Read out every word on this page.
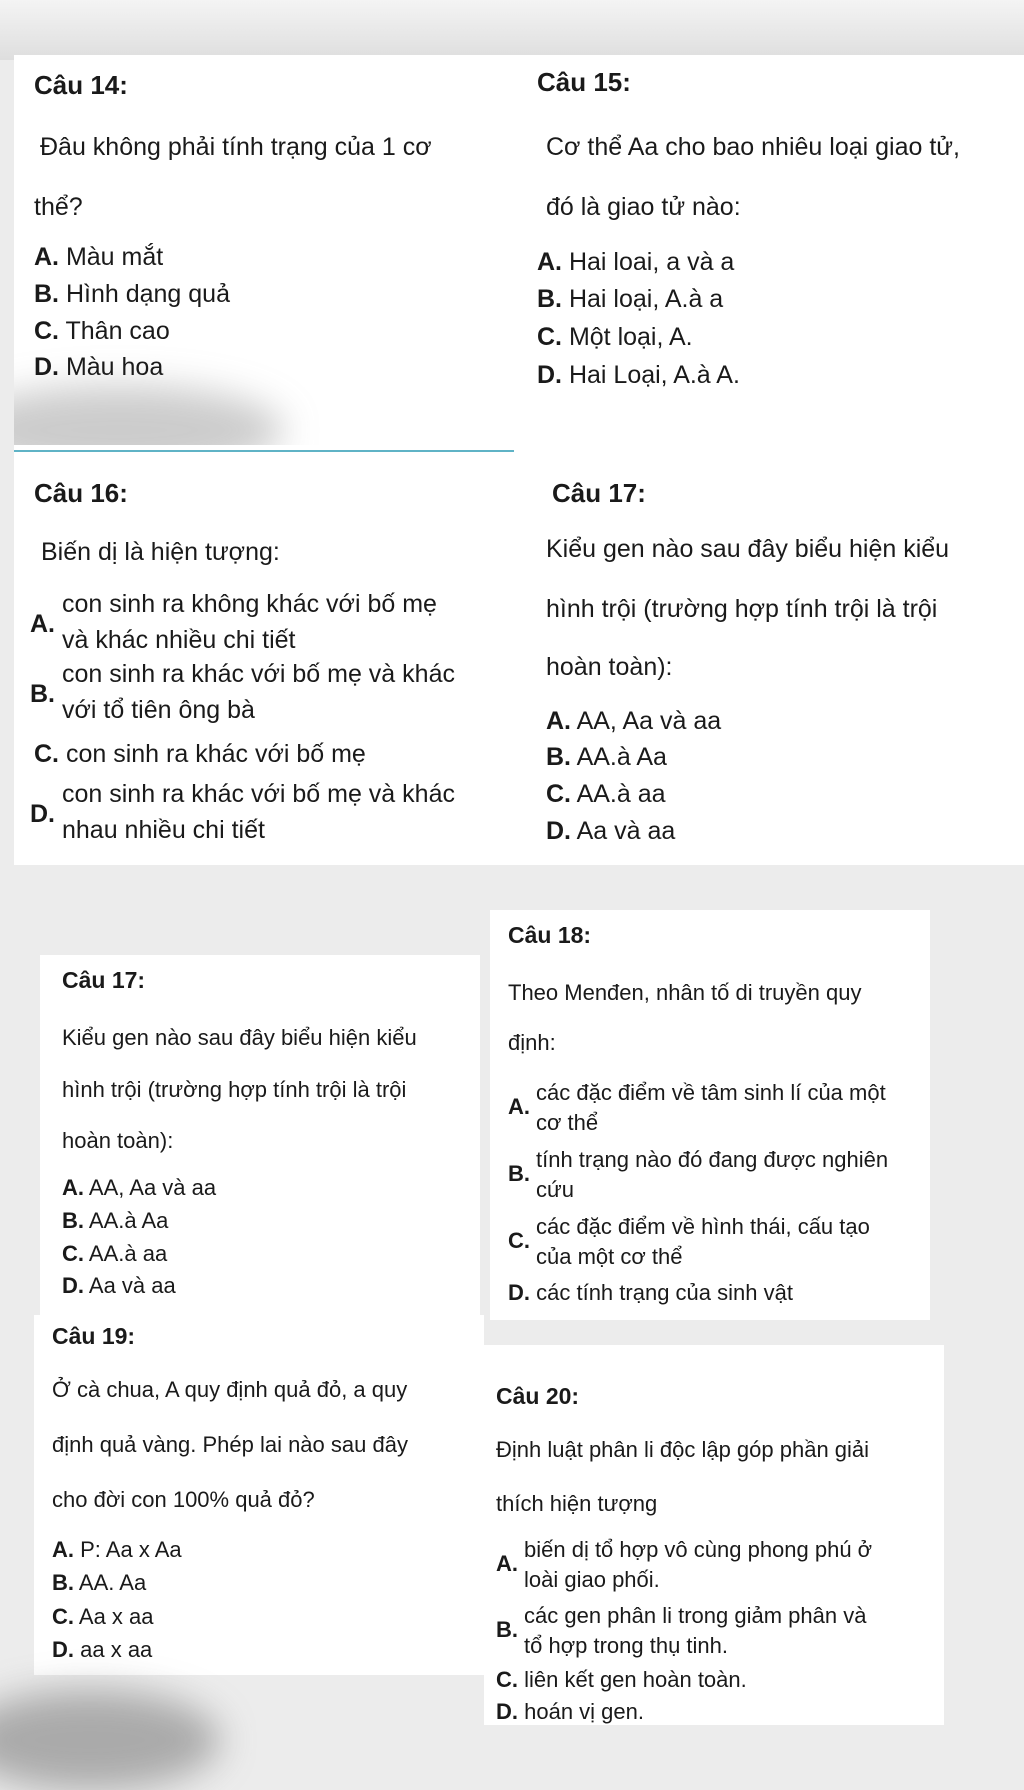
Câu 14:
Đâu không phải tính trạng của 1 cơ
thể?
A. Màu mắt
B. Hình dạng quả
C. Thân cao
D. Màu hoa
Câu 15:
Cơ thể Aa cho bao nhiêu loại giao tử,
đó là giao tử nào:
A. Hai loai, a và a
B. Hai loại, A.à a
C. Một loại, A.
D. Hai Loại, A.à A.
Câu 16:
Biến dị là hiện tượng:
A.
con sinh ra không khác với bố mẹ
và khác nhiều chi tiết
B.
con sinh ra khác với bố mẹ và khác
với tổ tiên ông bà
C. con sinh ra khác với bố mẹ
D.
con sinh ra khác với bố mẹ và khác
nhau nhiều chi tiết
Câu 17:
Kiểu gen nào sau đây biểu hiện kiểu
hình trội (trường hợp tính trội là trội
hoàn toàn):
A. AA, Aa và aa
B. AA.à Aa
C. AA.à aa
D. Aa và aa
Câu 17:
Kiểu gen nào sau đây biểu hiện kiểu
hình trội (trường hợp tính trội là trội
hoàn toàn):
A. AA, Aa và aa
B. AA.à Aa
C. AA.à aa
D. Aa và aa
Câu 18:
Theo Menđen, nhân tố di truyền quy
định:
A.
các đặc điểm về tâm sinh lí của một
cơ thể
B.
tính trạng nào đó đang được nghiên
cứu
C.
các đặc điểm về hình thái, cấu tạo
của một cơ thể
D. các tính trạng của sinh vật
Câu 19:
Ở cà chua, A quy định quả đỏ, a quy
định quả vàng. Phép lai nào sau đây
cho đời con 100% quả đỏ?
A. P: Aa x Aa
B. AA. Aa
C. Aa x aa
D. aa x aa
Câu 20:
Định luật phân li độc lập góp phần giải
thích hiện tượng
A.
biến dị tổ hợp vô cùng phong phú ở
loài giao phối.
B.
các gen phân li trong giảm phân và
tổ hợp trong thụ tinh.
C. liên kết gen hoàn toàn.
D. hoán vị gen.
